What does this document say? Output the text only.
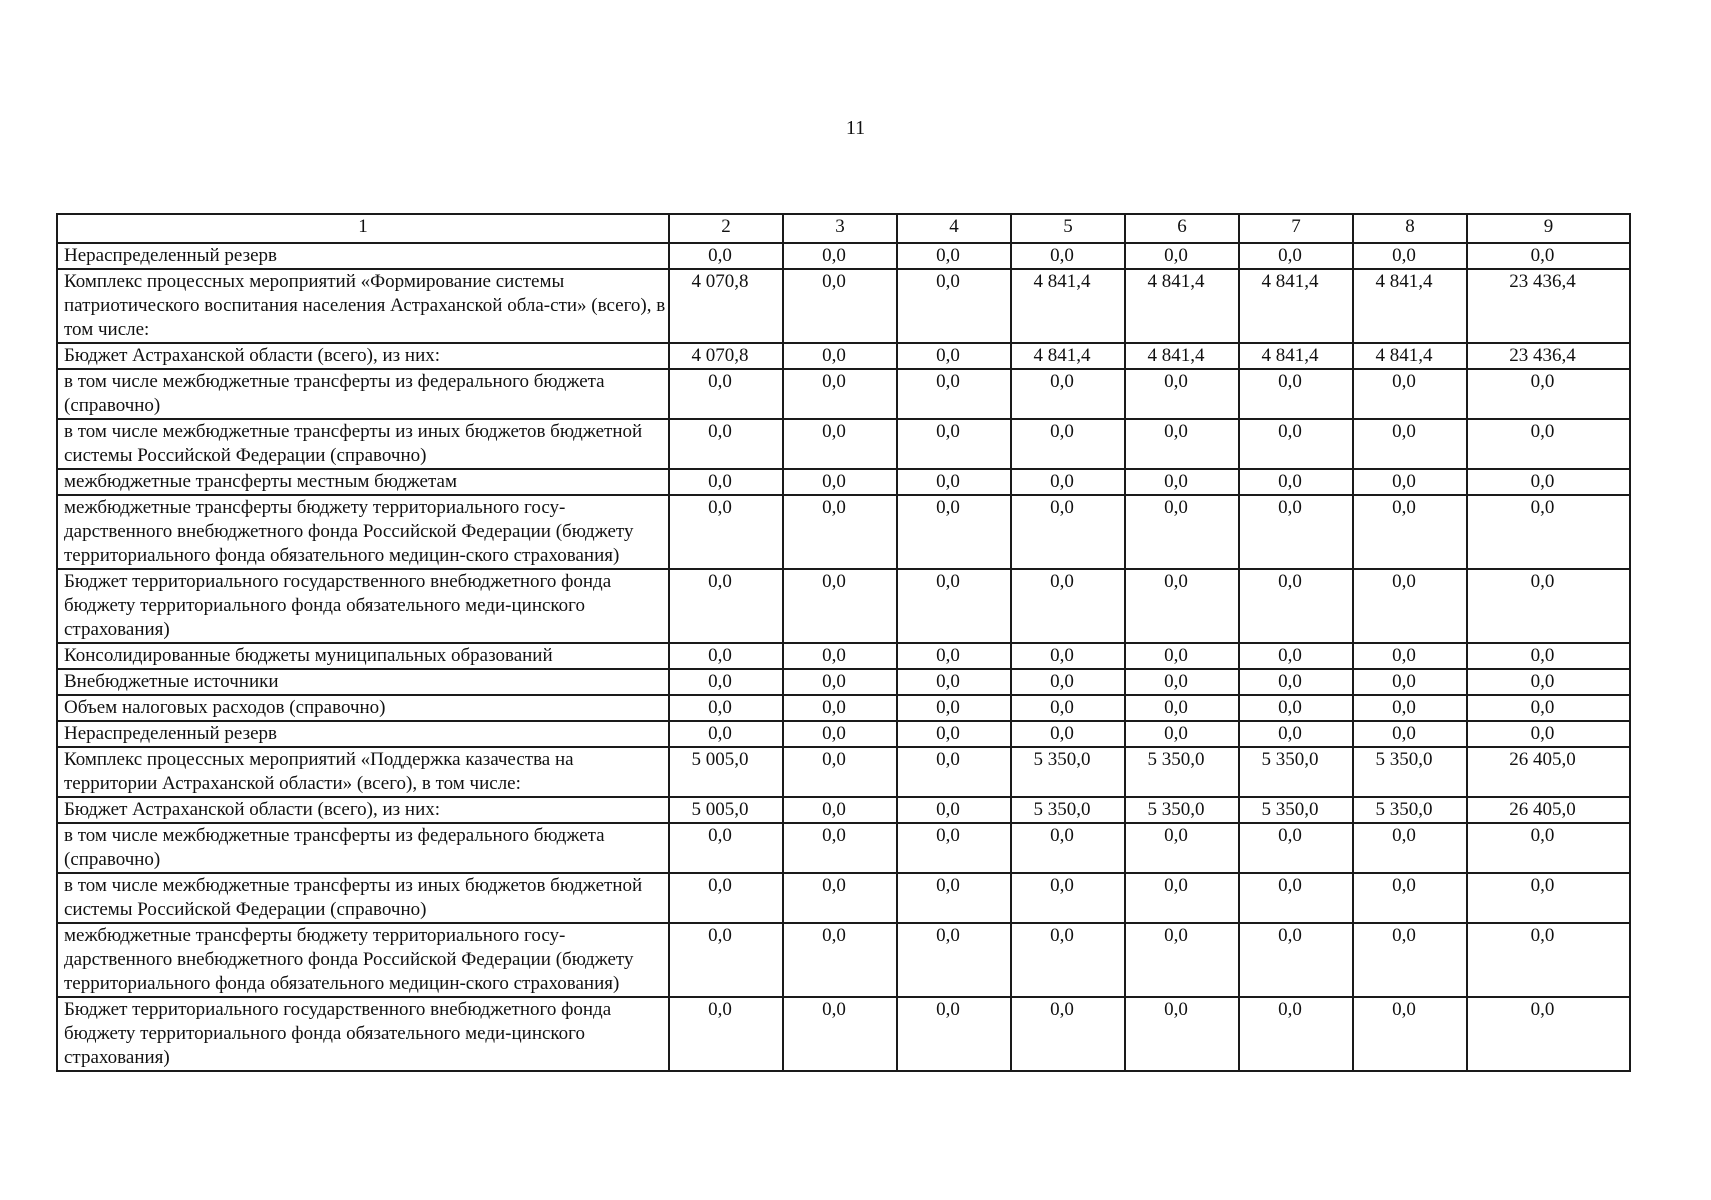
11
1	2	3	4	5	6	7	8	9
Нераспределенный резерв	0,0	0,0	0,0	0,0	0,0	0,0	0,0	0,0
Комплекс процессных мероприятий «Формирование системы патриотического воспитания населения Астраханской обла-сти» (всего), в том числе:	4 070,8	0,0	0,0	4 841,4	4 841,4	4 841,4	4 841,4	23 436,4
Бюджет Астраханской области (всего), из них:	4 070,8	0,0	0,0	4 841,4	4 841,4	4 841,4	4 841,4	23 436,4
в том числе межбюджетные трансферты из федерального бюджета (справочно)	0,0	0,0	0,0	0,0	0,0	0,0	0,0	0,0
в том числе межбюджетные трансферты из иных бюджетов бюджетной системы Российской Федерации (справочно)	0,0	0,0	0,0	0,0	0,0	0,0	0,0	0,0
межбюджетные трансферты местным бюджетам	0,0	0,0	0,0	0,0	0,0	0,0	0,0	0,0
межбюджетные трансферты бюджету территориального госу-дарственного внебюджетного фонда Российской Федерации (бюджету территориального фонда обязательного медицин-ского страхования)	0,0	0,0	0,0	0,0	0,0	0,0	0,0	0,0
Бюджет территориального государственного внебюджетного фонда бюджету территориального фонда обязательного меди-цинского страхования)	0,0	0,0	0,0	0,0	0,0	0,0	0,0	0,0
Консолидированные бюджеты муниципальных образований	0,0	0,0	0,0	0,0	0,0	0,0	0,0	0,0
Внебюджетные источники	0,0	0,0	0,0	0,0	0,0	0,0	0,0	0,0
Объем налоговых расходов (справочно)	0,0	0,0	0,0	0,0	0,0	0,0	0,0	0,0
Нераспределенный резерв	0,0	0,0	0,0	0,0	0,0	0,0	0,0	0,0
Комплекс процессных мероприятий «Поддержка казачества на территории Астраханской области» (всего), в том числе:	5 005,0	0,0	0,0	5 350,0	5 350,0	5 350,0	5 350,0	26 405,0
Бюджет Астраханской области (всего), из них:	5 005,0	0,0	0,0	5 350,0	5 350,0	5 350,0	5 350,0	26 405,0
в том числе межбюджетные трансферты из федерального бюджета (справочно)	0,0	0,0	0,0	0,0	0,0	0,0	0,0	0,0
в том числе межбюджетные трансферты из иных бюджетов бюджетной системы Российской Федерации (справочно)	0,0	0,0	0,0	0,0	0,0	0,0	0,0	0,0
межбюджетные трансферты бюджету территориального госу-дарственного внебюджетного фонда Российской Федерации (бюджету территориального фонда обязательного медицин-ского страхования)	0,0	0,0	0,0	0,0	0,0	0,0	0,0	0,0
Бюджет территориального государственного внебюджетного фонда бюджету территориального фонда обязательного меди-цинского страхования)	0,0	0,0	0,0	0,0	0,0	0,0	0,0	0,0
